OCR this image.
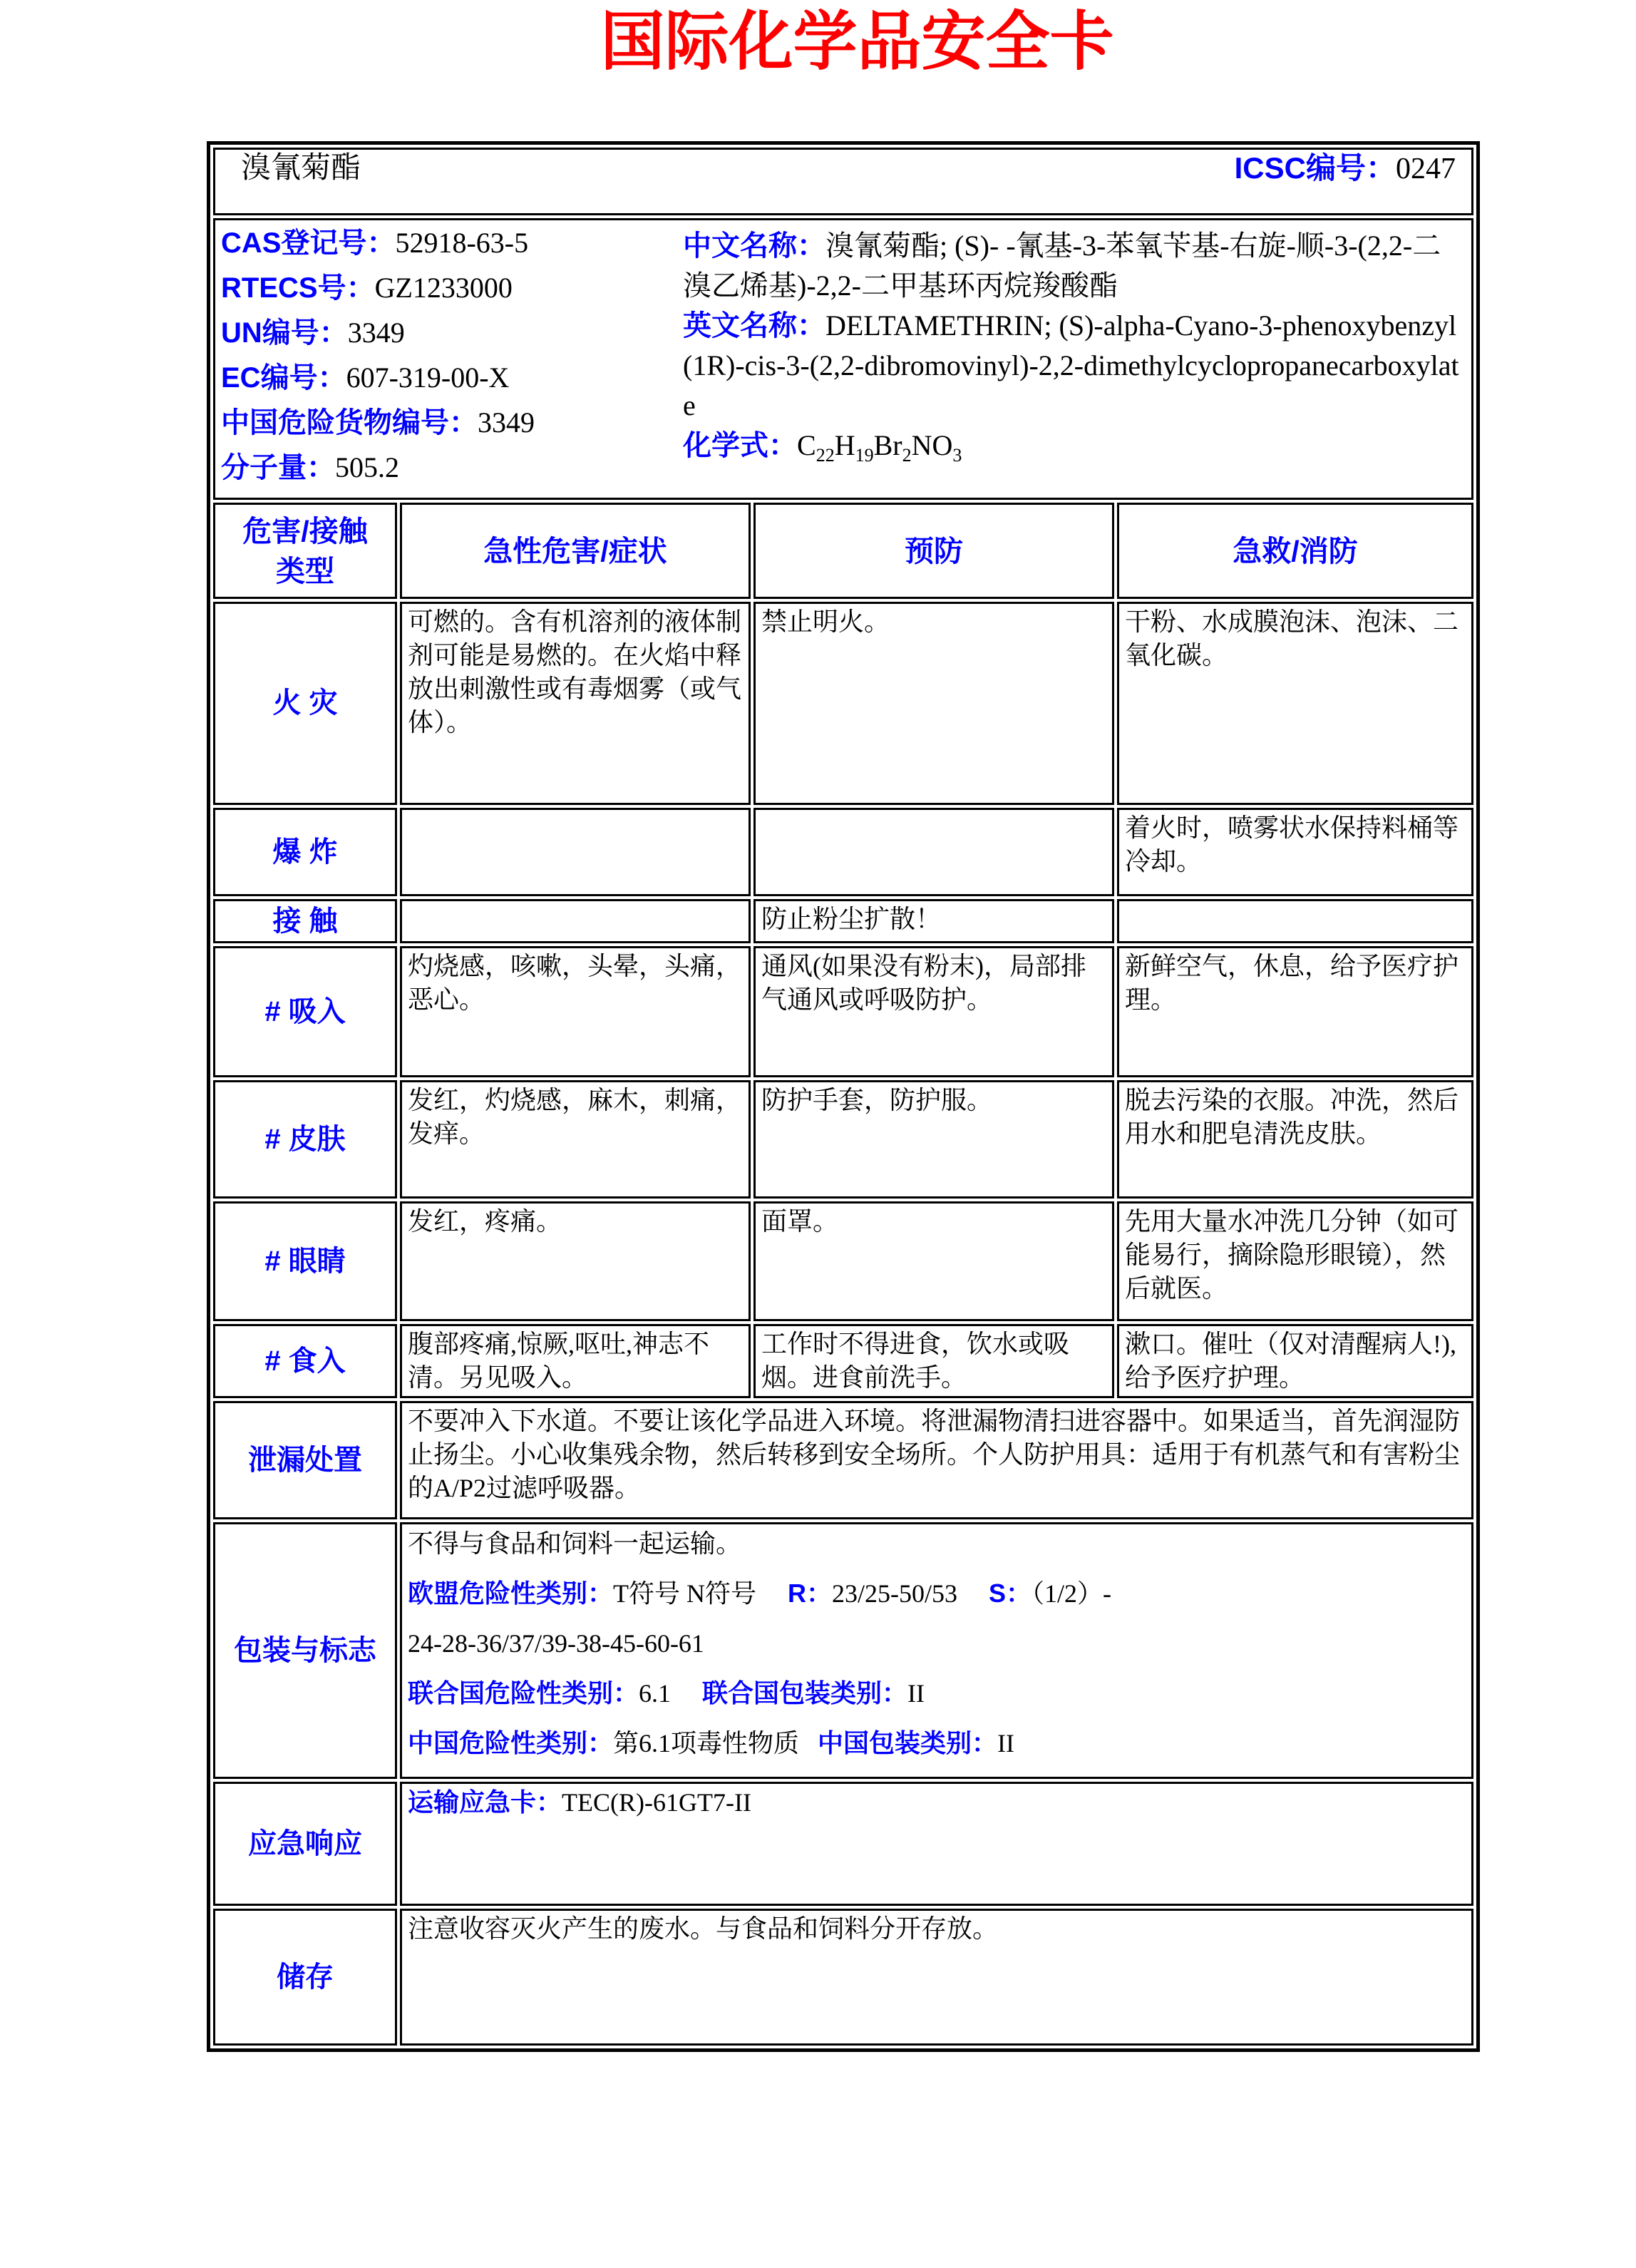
国际化学品安全卡
溴氰菊酯 ICSC编号：0247			

CAS登记号：52918-63-5
RTECS号：GZ1233000
UN编号：3349
EC编号：607-319-00-X
中国危险货物编号：3349
分子量：505.2

中文名称：溴氰菊酯; (S)- -氰基-3-苯氧苄基-右旋-顺-3-(2,2-二溴乙烯基)-2,2-二甲基环丙烷羧酸酯

英文名称：DELTAMETHRIN; (S)-alpha-Cyano-3-phenoxybenzyl (1R)-cis-3-(2,2-dibromovinyl)-2,2-dimethylcyclopropanecarboxylate

化学式：$C_{22}H_{19}Br_2NO_3$

危害/接触
类型	急性危害/症状	预防	急救/消防
火 灾	可燃的。含有机溶剂的液体制剂可能是易燃的。在火焰中释放出刺激性或有毒烟雾（或气体）。	禁止明火。	干粉、水成膜泡沫、泡沫、二氧化碳。
爆 炸			着火时，喷雾状水保持料桶等冷却。
接 触		防止粉尘扩散！	
# 吸入	灼烧感，咳嗽，头晕，头痛，恶心。	通风(如果没有粉末)，局部排气通风或呼吸防护。	新鲜空气，休息，给予医疗护理。
# 皮肤	发红，灼烧感，麻木，刺痛，发痒。	防护手套，防护服。	脱去污染的衣服。冲洗，然后用水和肥皂清洗皮肤。
# 眼睛	发红，疼痛。	面罩。	先用大量水冲洗几分钟（如可能易行，摘除隐形眼镜），然后就医。
# 食入	腹部疼痛,惊厥,呕吐,神志不清。另见吸入。	工作时不得进食，饮水或吸烟。进食前洗手。	漱口。催吐（仅对清醒病人!),给予医疗护理。
泄漏处置	不要冲入下水道。不要让该化学品进入环境。将泄漏物清扫进容器中。如果适当，首先润湿防止扬尘。小心收集残余物，然后转移到安全场所。个人防护用具：适用于有机蒸气和有害粉尘的A/P2过滤呼吸器。		
包装与标志	不得与食品和饲料一起运输。

欧盟危险性类别：T符号 N符号 R：23/25-50/53 S：（1/2）-

24-28-36/37/39-38-45-60-61

联合国危险性类别：6.1 联合国包装类别：II

中国危险性类别：第6.1项毒性物质 中国包装类别：II		

应急响应	运输应急卡：TEC(R)-61GT7-II		
储存	注意收容灭火产生的废水。与食品和饲料分开存放。		
